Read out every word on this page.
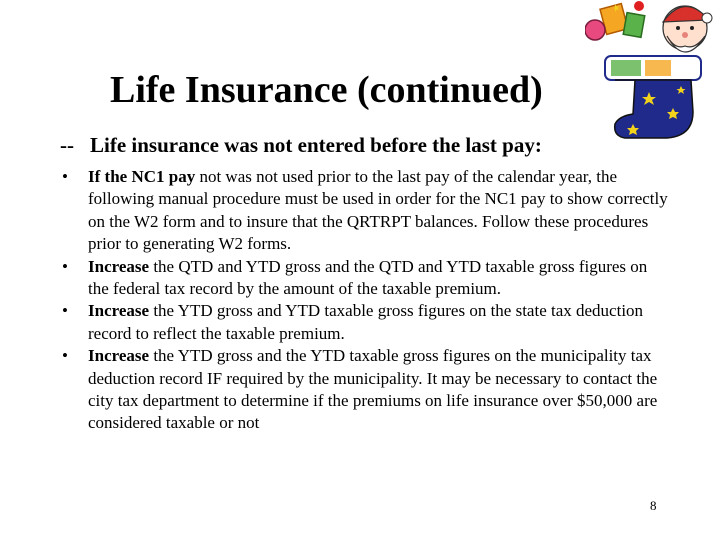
Life Insurance (continued)
-- Life insurance was not entered before the last pay:
• If the NC1 pay not was not used prior to the last pay of the calendar year, the following manual procedure must be used in order for the NC1 pay to show correctly on the W2 form and to insure that the QRTRPT balances. Follow these procedures prior to generating W2 forms.
• Increase the QTD and YTD gross and the QTD and YTD taxable gross figures on the federal tax record by the amount of the taxable premium.
• Increase the YTD gross and YTD taxable gross figures on the state tax deduction record to reflect the taxable premium.
• Increase the YTD gross and the YTD taxable gross figures on the municipality tax deduction record IF required by the municipality. It may be necessary to contact the city tax department to determine if the premiums on life insurance over $50,000 are considered taxable or not
8
